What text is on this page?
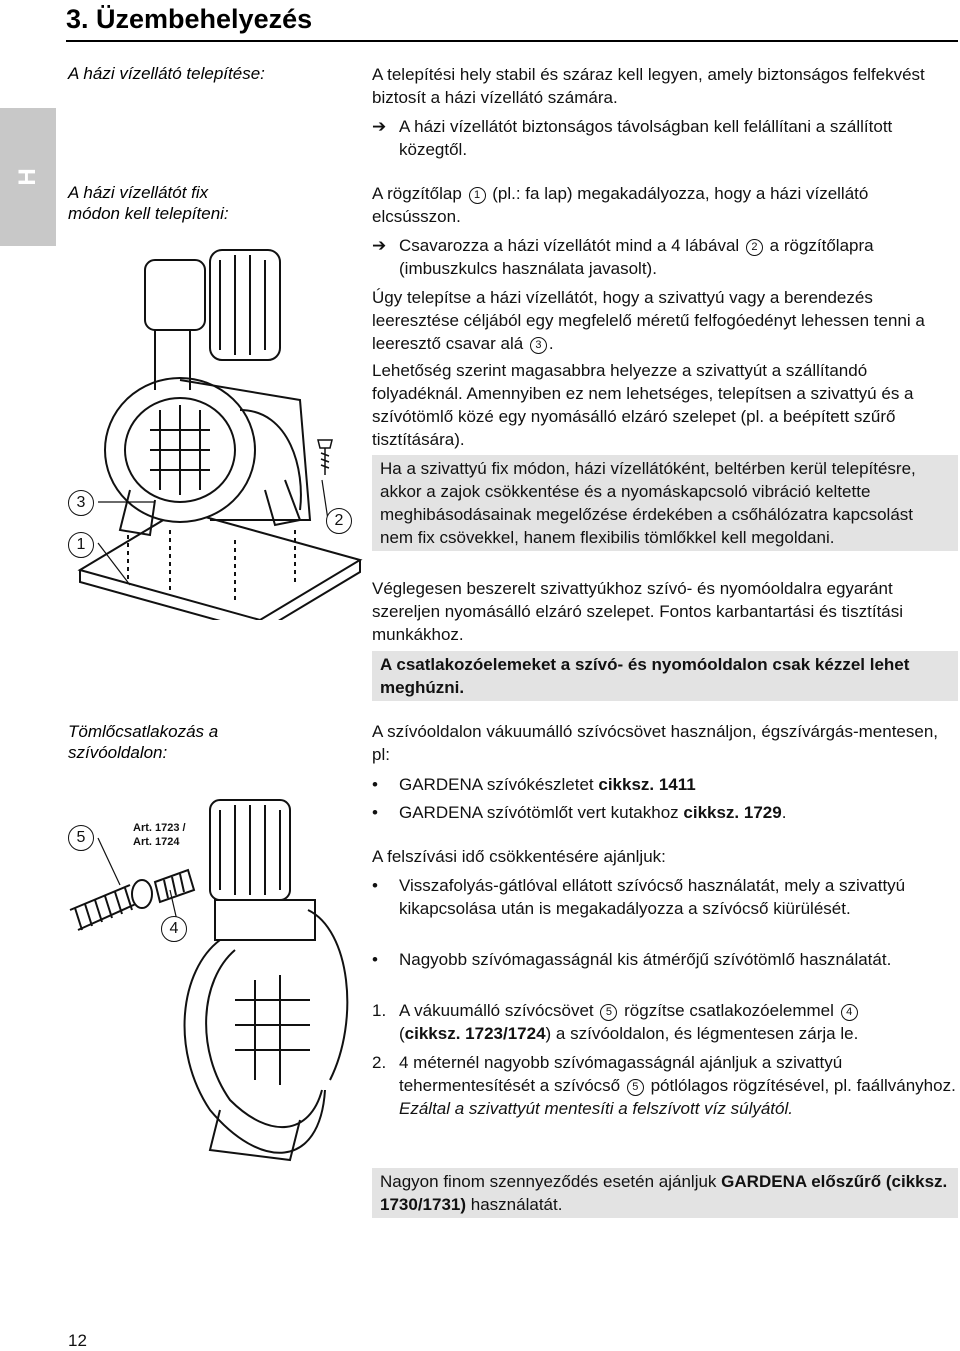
3. Üzembehelyezés
H
A házi vízellátó telepítése:
A házi vízellátót fix
módon kell telepíteni:
Tömlőcsatlakozás a
szívóoldalon:
A telepítési hely stabil és száraz kell legyen, amely biztonságos felfekvést biztosít a házi vízellátó számára.
➔ A házi vízellátót biztonságos távolságban kell felállítani a szállított közegtől.
A rögzítőlap 1 (pl.: fa lap) megakadályozza, hogy a házi vízellátó elcsússzon.
➔ Csavarozza a házi vízellátót mind a 4 lábával 2 a rögzítőlapra (imbuszkulcs használata javasolt).
Úgy telepítse a házi vízellátót, hogy a szivattyú vagy a berendezés leeresztése céljából egy megfelelő méretű felfogóedényt lehessen tenni a leeresztő csavar alá 3 .
Lehetőség szerint magasabbra helyezze a szivattyút a szállítandó folyadéknál. Amennyiben ez nem lehetséges, telepítsen a szivattyú és a szívótömlő közé egy nyomásálló elzáró szelepet (pl. a beépített szűrő tisztítására).
Ha a szivattyú fix módon, házi vízellátóként, beltérben kerül telepítésre, akkor a zajok csökkentése és a nyomáskapcsoló vibráció keltette meghibásodásainak megelőzése érdekében a csőhálózatra kapcsolást nem fix csövekkel, hanem flexibilis tömlőkkel kell megoldani.
Véglegesen beszerelt szivattyúkhoz szívó- és nyomóoldalra egyaránt szereljen nyomásálló elzáró szelepet. Fontos karbantartási és tisztítási munkákhoz.
A csatlakozóelemeket a szívó- és nyomóoldalon csak kézzel lehet meghúzni.
A szívóoldalon vákuumálló szívócsövet használjon, égszívárgás-mentesen, pl:
• GARDENA szívókészletet cikksz. 1411
• GARDENA szívótömlőt vert kutakhoz cikksz. 1729.
A felszívási idő csökkentésére ajánljuk:
• Visszafolyás-gátlóval ellátott szívócső használatát, mely a szivattyú kikapcsolása után is megakadályozza a szívócső kiürülését.
• Nagyobb szívómagasságnál kis átmérőjű szívótömlő használatát.
1. A vákuumálló szívócsövet 5 rögzítse csatlakozóelemmel 4
(cikksz. 1723/1724) a szívóoldalon, és légmentesen zárja le.
2. 4 méternél nagyobb szívómagasságnál ajánljuk a szivattyú tehermentesítését a szívócső 5 pótlólagos rögzítésével, pl. faállványhoz.
Ezáltal a szivattyút mentesíti a felszívott víz súlyától.
Nagyon finom szennyeződés esetén ajánljuk GARDENA előszűrő (cikksz. 1730/1731) használatát.
3
1
2
5
4
Art. 1723 /
Art. 1724
12
